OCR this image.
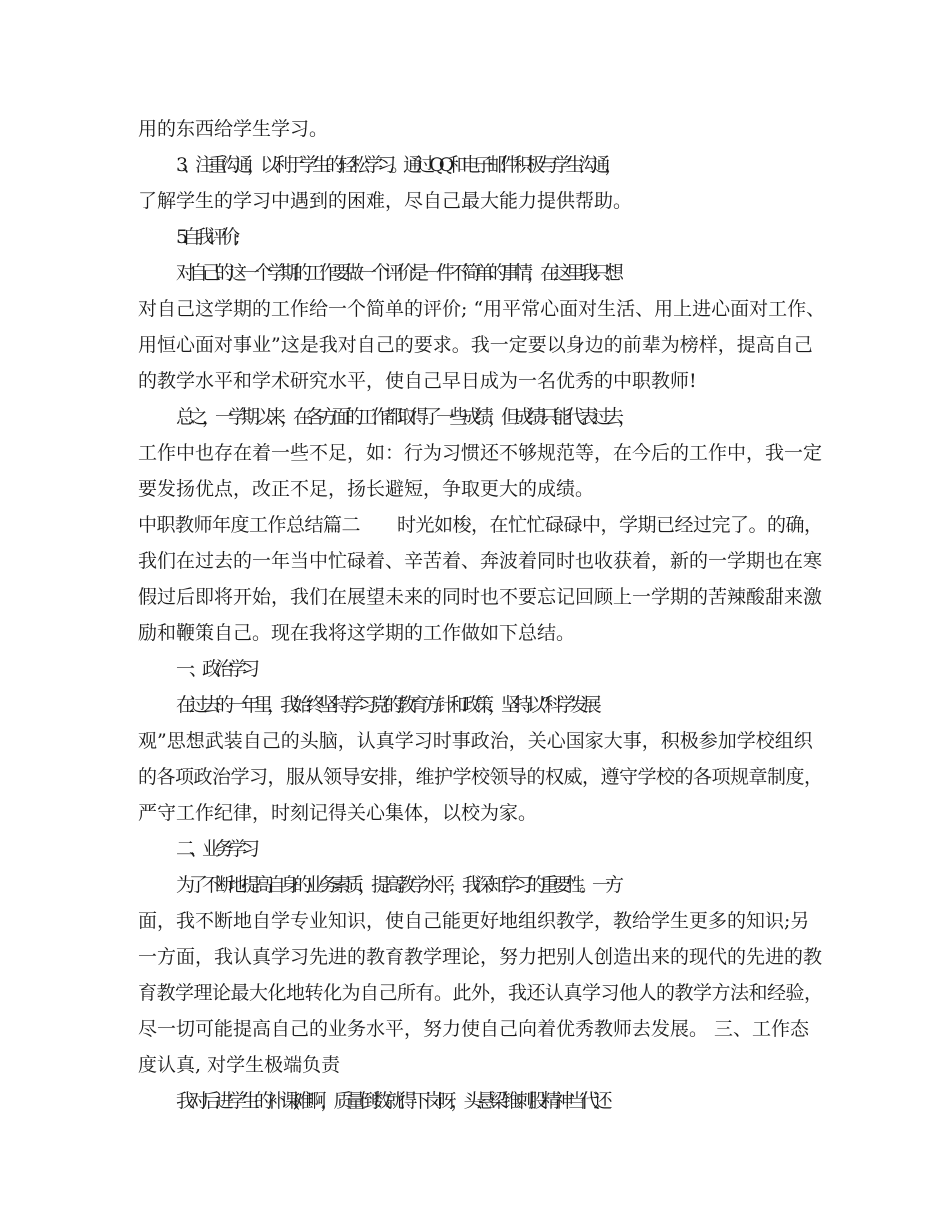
用的东西给学生学习。
3、注重沟通，以利于学生的轻松学习。通过 QQ 和电子邮件积极与学生沟通，
了解学生的学习中遇到的困难，尽自己最大能力提供帮助。
5. 自我评价;
对自己的这一个学期的工作要做一个评价是一件不简单的事情，在这里我只想
对自己这学期的工作给一个简单的评价; “用平常心面对生活、用上进心面对工作、
用恒心面对事业”这是我对自己的要求。我一定要以身边的前辈为榜样，提高自己
的教学水平和学术研究水平，使自己早日成为一名优秀的中职教师!
总之，一学期以来，在各方面的工作都取得了一些成绩，但成绩只能代表过去，
工作中也存在着一些不足，如：行为习惯还不够规范等，在今后的工作中，我一定
要发扬优点，改正不足，扬长避短，争取更大的成绩。
中职教师年度工作总结篇二　　时光如梭，在忙忙碌碌中，学期已经过完了。的确，
我们在过去的一年当中忙碌着、辛苦着、奔波着同时也收获着，新的一学期也在寒
假过后即将开始，我们在展望未来的同时也不要忘记回顾上一学期的苦辣酸甜来激
励和鞭策自己。现在我将这学期的工作做如下总结。
一、政治学习
在过去的一年里，我始终坚持学习党的教育方针和政策，坚持以“科学发展
观”思想武装自己的头脑，认真学习时事政治，关心国家大事，积极参加学校组织
的各项政治学习，服从领导安排，维护学校领导的权威，遵守学校的各项规章制度，
严守工作纪律，时刻记得关心集体，以校为家。
二、业务学习
为了不断地提高自身的业务素质，提高教学水平，我深知学习的重要性。一方
面，我不断地自学专业知识，使自己能更好地组织教学，教给学生更多的知识;另
一方面，我认真学习先进的教育教学理论，努力把别人创造出来的现代的先进的教
育教学理论最大化地转化为自己所有。此外，我还认真学习他人的教学方法和经验，
尽一切可能提高自己的业务水平，努力使自己向着优秀教师去发展。 三、工作态
度认真, 对学生极端负责
我对后进学生的补课,(难啊，质量倒数就得下岗呀，头悬梁锥刺股精神当代还
